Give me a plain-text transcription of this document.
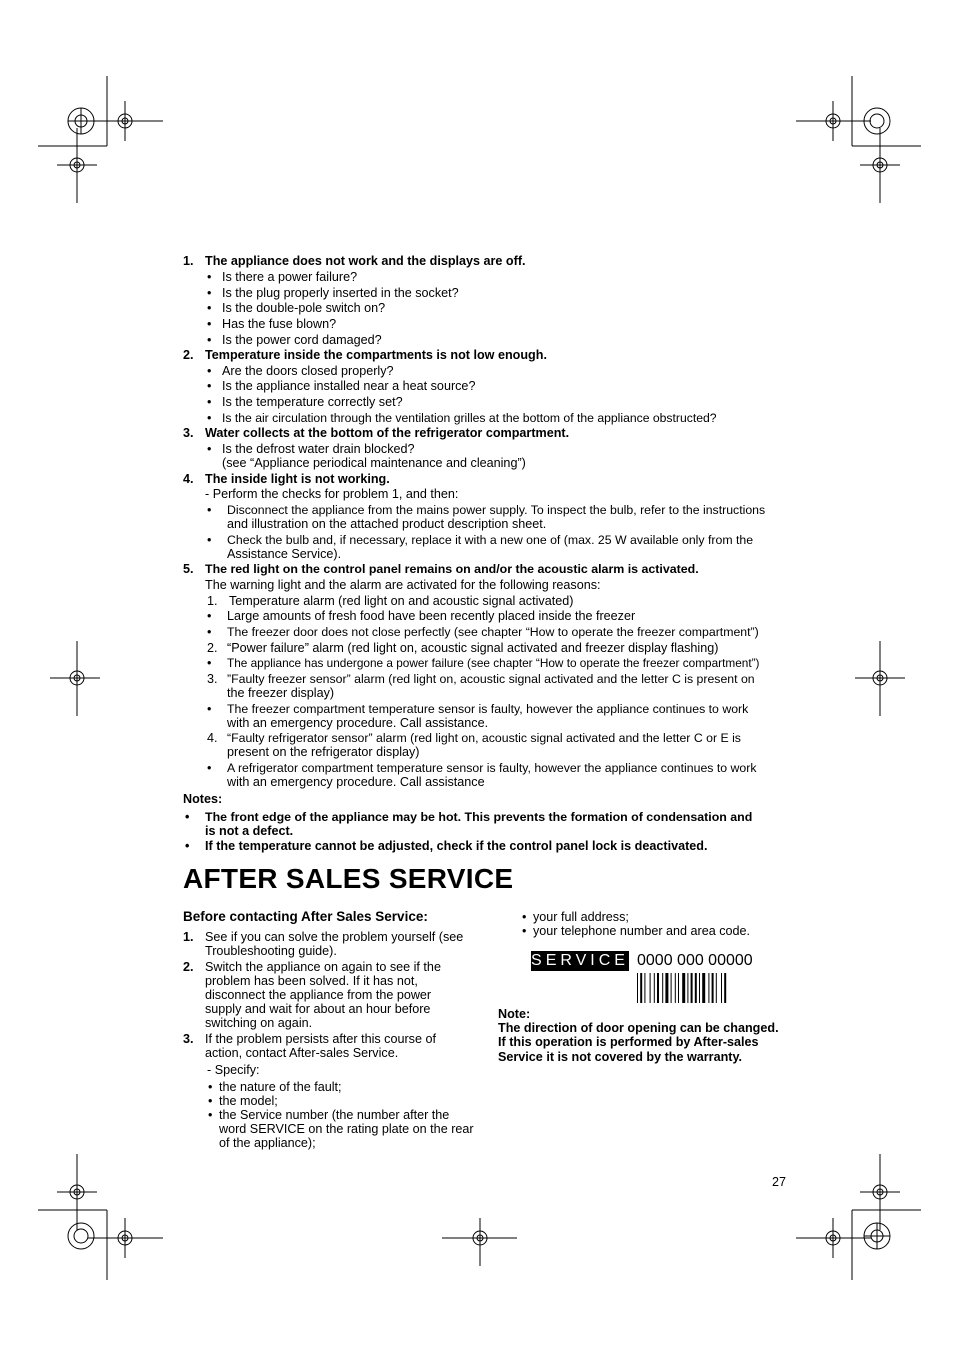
1. The appliance does not work and the displays are off.
• Is there a power failure?
• Is the plug properly inserted in the socket?
• Is the double-pole switch on?
• Has the fuse blown?
• Is the power cord damaged?
2. Temperature inside the compartments is not low enough.
• Are the doors closed properly?
• Is the appliance installed near a heat source?
• Is the temperature correctly set?
• Is the air circulation through the ventilation grilles at the bottom of the appliance obstructed?
3. Water collects at the bottom of the refrigerator compartment.
• Is the defrost water drain blocked?
(see “Appliance periodical maintenance and cleaning”)
4. The inside light is not working.
- Perform the checks for problem 1, and then:
• Disconnect the appliance from the mains power supply. To inspect the bulb, refer to the instructions
and illustration on the attached product description sheet.
• Check the bulb and, if necessary, replace it with a new one of (max. 25 W available only from the
Assistance Service).
5. The red light on the control panel remains on and/or the acoustic alarm is activated.
The warning light and the alarm are activated for the following reasons:
1. Temperature alarm (red light on and acoustic signal activated)
• Large amounts of fresh food have been recently placed inside the freezer
• The freezer door does not close perfectly (see chapter “How to operate the freezer compartment”)
2. “Power failure” alarm (red light on, acoustic signal activated and freezer display flashing)
• The appliance has undergone a power failure (see chapter “How to operate the freezer compartment”)
3. ”Faulty freezer sensor” alarm (red light on, acoustic signal activated and the letter C is present on
the freezer display)
• The freezer compartment temperature sensor is faulty, however the appliance continues to work
with an emergency procedure. Call assistance.
4. “Faulty refrigerator sensor” alarm (red light on, acoustic signal activated and the letter C or E is
present on the refrigerator display)
• A refrigerator compartment temperature sensor is faulty, however the appliance continues to work
with an emergency procedure. Call assistance
Notes:
• The front edge of the appliance may be hot. This prevents the formation of condensation and
is not a defect.
• If the temperature cannot be adjusted, check if the control panel lock is deactivated.
AFTER SALES SERVICE
Before contacting After Sales Service:
1. See if you can solve the problem yourself (see
Troubleshooting guide).
2. Switch the appliance on again to see if the
problem has been solved. If it has not,
disconnect the appliance from the power
supply and wait for about an hour before
switching on again.
3. If the problem persists after this course of
action, contact After-sales Service.
- Specify:
• the nature of the fault;
• the model;
• the Service number (the number after the
word SERVICE on the rating plate on the rear
of the appliance);
• your full address;
• your telephone number and area code.
SERVICE 0000 000 00000
Note:
The direction of door opening can be changed.
If this operation is performed by After-sales
Service it is not covered by the warranty.
27
